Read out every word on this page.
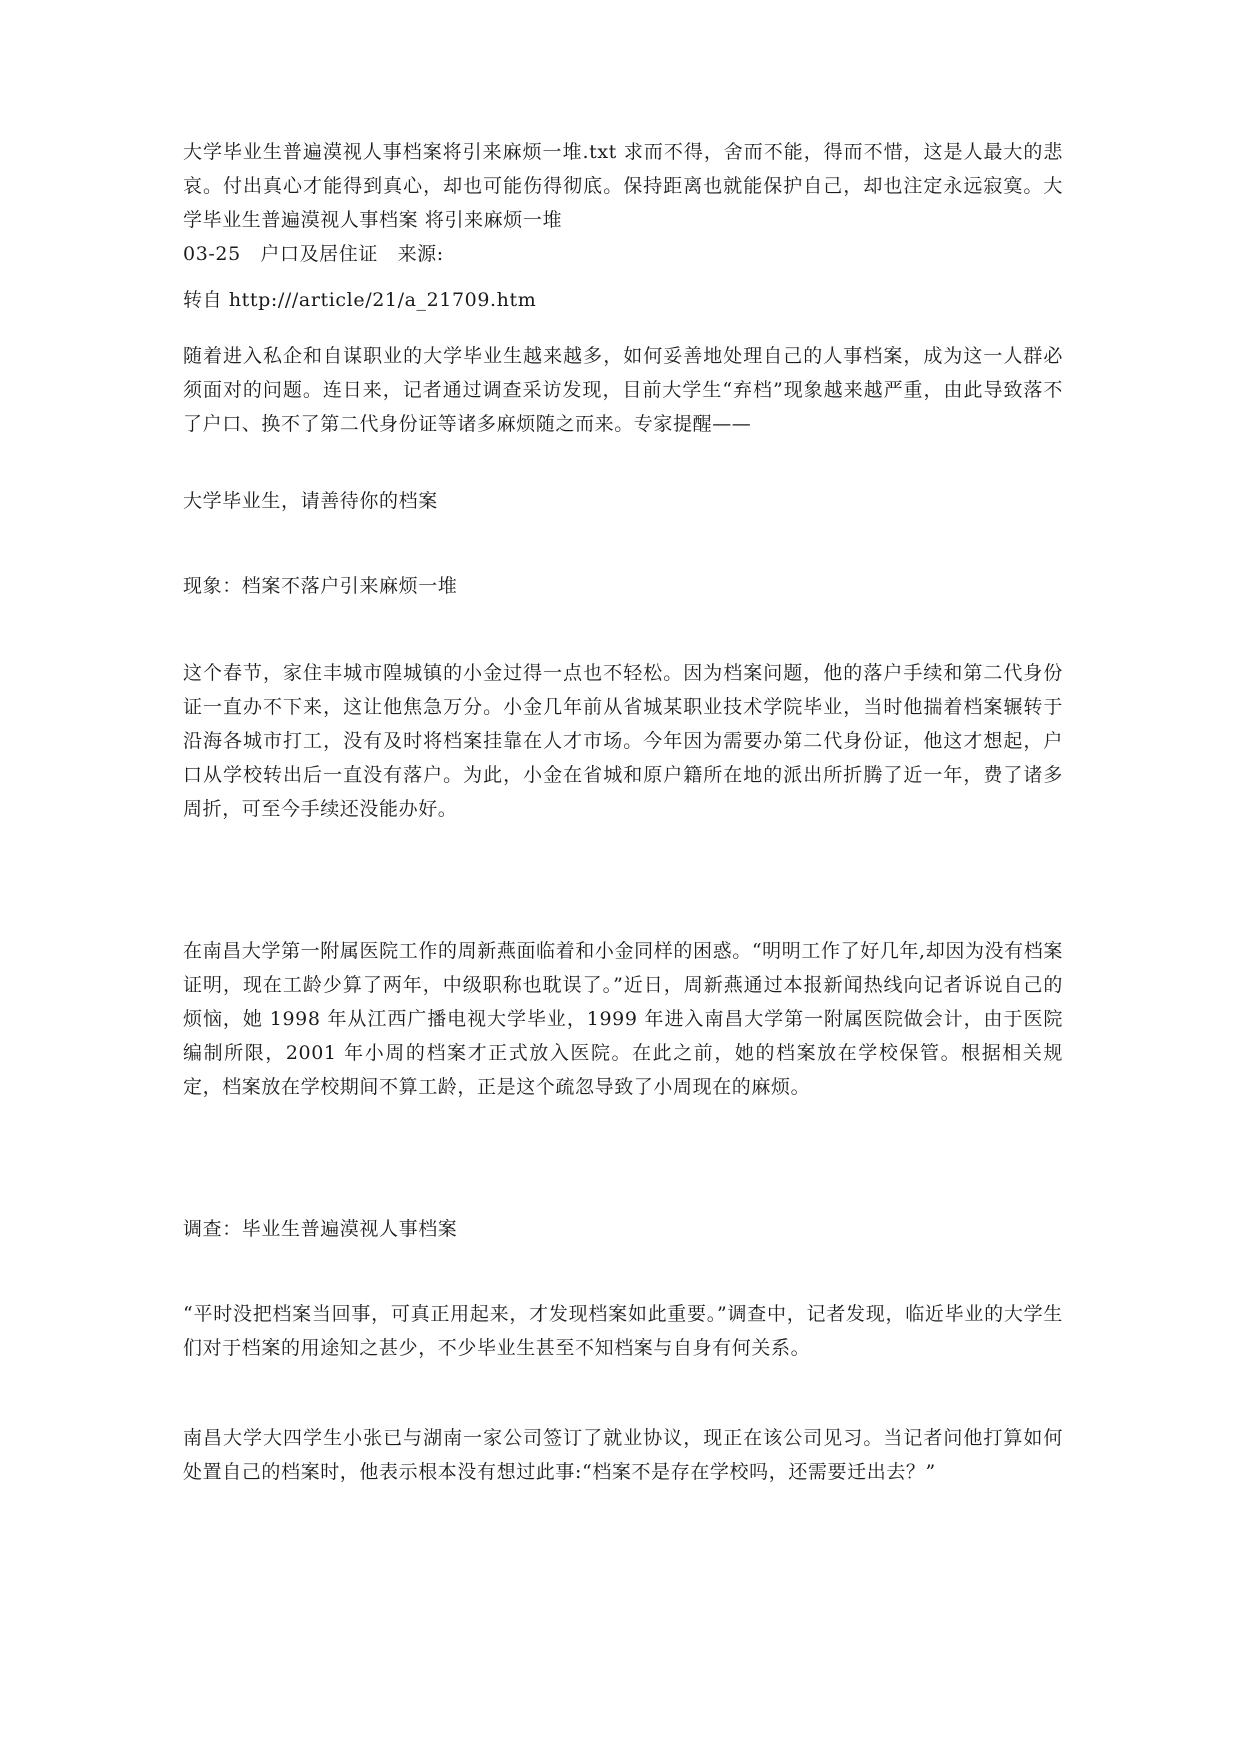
大学毕业生普遍漠视人事档案将引来麻烦一堆.txt 求而不得，舍而不能，得而不惜，这是人最大的悲哀。付出真心才能得到真心，却也可能伤得彻底。保持距离也就能保护自己，却也注定永远寂寞。大学毕业生普遍漠视人事档案 将引来麻烦一堆

03-25　户口及居住证　来源:

转自 http:///article/21/a_21709.htm

随着进入私企和自谋职业的大学毕业生越来越多，如何妥善地处理自己的人事档案，成为这一人群必须面对的问题。连日来，记者通过调查采访发现，目前大学生“弃档”现象越来越严重，由此导致落不了户口、换不了第二代身份证等诸多麻烦随之而来。专家提醒——

大学毕业生，请善待你的档案

现象：档案不落户引来麻烦一堆

这个春节，家住丰城市隍城镇的小金过得一点也不轻松。因为档案问题，他的落户手续和第二代身份证一直办不下来，这让他焦急万分。小金几年前从省城某职业技术学院毕业，当时他揣着档案辗转于沿海各城市打工，没有及时将档案挂靠在人才市场。今年因为需要办第二代身份证，他这才想起，户口从学校转出后一直没有落户。为此，小金在省城和原户籍所在地的派出所折腾了近一年，费了诸多周折，可至今手续还没能办好。

在南昌大学第一附属医院工作的周新燕面临着和小金同样的困惑。“明明工作了好几年,却因为没有档案证明，现在工龄少算了两年，中级职称也耽误了。”近日，周新燕通过本报新闻热线向记者诉说自己的烦恼，她 1998 年从江西广播电视大学毕业，1999 年进入南昌大学第一附属医院做会计，由于医院编制所限，2001 年小周的档案才正式放入医院。在此之前，她的档案放在学校保管。根据相关规定，档案放在学校期间不算工龄，正是这个疏忽导致了小周现在的麻烦。

调查：毕业生普遍漠视人事档案

“平时没把档案当回事，可真正用起来，才发现档案如此重要。”调查中，记者发现，临近毕业的大学生们对于档案的用途知之甚少，不少毕业生甚至不知档案与自身有何关系。

南昌大学大四学生小张已与湖南一家公司签订了就业协议，现正在该公司见习。当记者问他打算如何处置自己的档案时，他表示根本没有想过此事:“档案不是存在学校吗，还需要迁出去？”
